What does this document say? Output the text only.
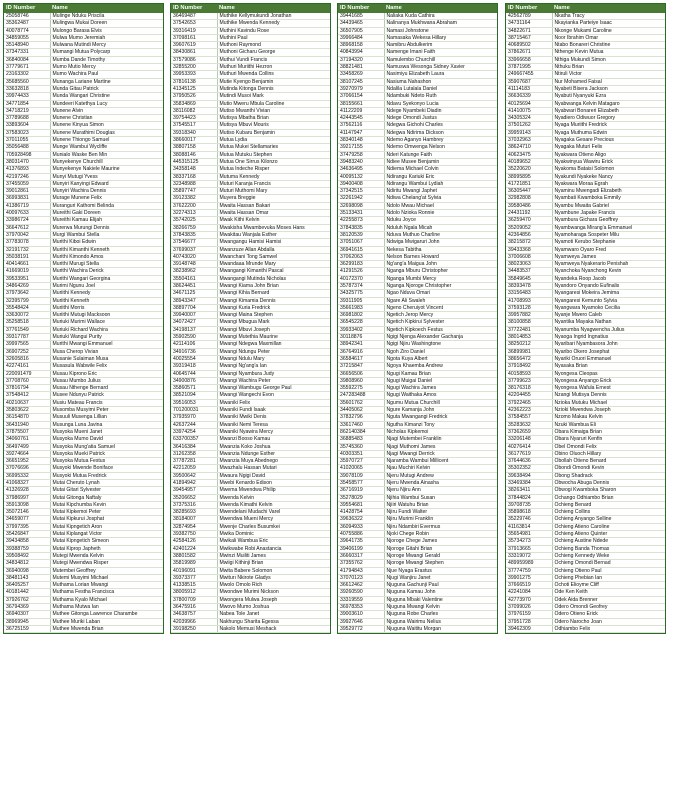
ID Number	Name
25058746	Mulinge Nduku Priscila
35362487	Mulingwa Mukai Doreen
40078774	Mulongo Barasa Elvis
34859055	Mulwa Mumo Jeremiah
35148940	Mulwana Mutindi Mercy
37347331	Mumangi Mutua Polycarp
36840084	Mumba Dande Timothy
37779671	Mumo Mutio Mercy
23163302	Mumo Wachira Paul
35685560	Munanga Lariane Martine
33632818	Munda Gitau Patrick
39974433	Munda Wangari Christine
34771854	Mundeeri Katethya Lucy
34718219	Munene Alvin
37789688	Munene Christian
33893604	Munene Kinyua Simon
37583023	Munene Murathimi Douglas
37011055	Munene Thiongo Samuel
35056488	Munge Wambui Wycliffe
705928498	Munialo Waske Ben Min
38031470	Munyekenye Churchill
41376893	Munyekenye Nakiele Maurine
42197246	Munyi Mutugi Yvess
37455059	Munyiri Kanyingi Edward
39012861	Munyiri Wachira Dennis
36993831	Murage Munene Felix
41386719	Muranguri Kathomi Belinda
40097633	Mureithi Gaki Doreen
33986724	Mureithi Kamau Elijah
36647612	Murerwa Murungi Dennis
37970042	Murgi Wambui Stella
37783078	Murithi Kiboi Edwin
32191732	Murithi Kimanthi Kenneth
35038191	Murithi Kimondo Amos
40414661	Murithi Murugi Stella
41669019	Murithi Wachira Derick
39533951	Murithi Wangari Georgina
34864269	Murimi Ngunu Joel
37973642	Muriithi Kennedy
32395799	Muriithi Kenneth
35548424	Muriithi Morris
33630072	Muriithi Mutugi Macksoon
35258518	Muriuki Murimi Wallace
37761549	Muriuki Richard Wachira
39317787	Muriuki Wangui Purity
39997565	Murithi Mwangi Emmanuel
36907252	Musa Cherop Vivian
32605816	Musanie Sulaiman Musa
42274161	Musasula Wabwile Felix
220091479	Musau Kiprono Eric
37708760	Musau Mumbo Julius
37816794	Musau Nthenge Bernard
37548412	Musee Ndunyu Patrick
40210637	Musiu Mateau Francis
35803622	Musomba Musyimi Peter
36154870	Musuuli Musenga Lillian
36431940	Musunga Luna Javina
37875507	Musyoka Mueni Janet
34060761	Musyoka Mumo David
36497499	Musyoka Mung'atia Samuel
39274664	Musyoka Mueki Patrick
36651952	Musyoka Mutua Festus
37076696	Musyoki Mwende Boniface
36995332	Musyoki Mutua Fredrick
41068327	Mutai Cheruto Lynah
41326928	Mutai Gitari Sylvester
37986997	Mutai Gitonga Naftaly
35913098	Mutai Kipchumba Kevin
35072146	Mutai Kipkemoi Peter
34659077	Mutai Kipkurui Josphat
37997395	Mutai Kipngetich Aron
35426847	Mutai Kiplangat Victor
39434858	Mutai Kipngetich Simeon
39388759	Mutai Kiprop Japheth
39508492	Mutegi Mwenda Kelvin
34834812	Mutegi Mwendwa Risper
36940098	Mutembei Geoffrey
38481143	Mutemi Musyimi Michael
36405257	Muthama Lorian Mwangi
40181442	Muthama Festha Francisca
37926762	Muthama Kyalo Michael
36794369	Muthama Mutwa Ian
36940307	Muthee Gitonga Lawrence Charambe
38969945	Muthee Muriki Laban
36725159	Muthee Mwenda Brian
ID Number	Name
36469487	Muthike Kellymukundi Jonathan
37542653	Muthike Mwenda Kennedy
39316419	Muthini Kavindu Rose
37098161	Muthini Paul
39607619	Muthoni Raymond
38430861	Muthoni Gicharu George
37579086	Muthui Vundi Francis
32855200	Muthuri Muriithi Hezron
39953393	Muthuri Mwenda Collins
37816138	Mutie Kyengo Benjamin
41345125	Mutinda Kitonga Dennis
37950526	Mutindi Musoi Mark
35834869	Mutio Mweru Mbula Caroline
38116082	Mutiso Mwanthi Vivian
39754423	Mutisya Mbatha Brian
37545517	Mutisya Mbuvi Mouris
39318340	Mutiso Kubaru Benjamin
38660017	Mutua Lydia
38807158	Mutua Mukei Stellamaries
38088146	Mutua Mutuku Stephen
445315125	Mutua One Sirrus Kilonzo
34358148	Mutua Indeche Risper
38337168	Mutuma Kennedy
32348988	Muturi Karanja Francis
35897747	Muturi Muthomi Mary
39123382	Muyera Breggie
37622200	Mwaita Hassan Bakari
32274313	Mwaita Hassan Omar
35742025	Mwak Kithi Kelvin
38266759	Mwakisha Mwambevuka Moses Hans
37843835	Mwakitau Wanjala Esther
37546677	Mwangangu Hamisi Hamisi
37699037	Mwanzuze Allan Abdalla
40743020	Mwanchani Tong Samwel
39148748	Mwandaaa Mrunde Mary
38238962	Mwangangi Kimanthi Pascal
35504161	Mwangangi Mutinda Nicholas
38624451	Mwangi Kiama John Brian
34671125	Mwangi Kihia Bernard
38943347	Mwangi Kimamia Dennis
38897704	Mwangi Kuria Fredrick
39940007	Mwangi Maina Stephen
34072427	Mwangi Mbugua Mark
34198137	Mwangi Mbuvi Joseph
35902590	Mwangi Mutethia Maurine
42114106	Mwangi Ndegwa Maxmillan
34916736	Mwangi Ndungu Peter
40025554	Mwangi Ndulu Mary
39319418	Mwangi Ng'ang'a Ian
40645744	Mwangi Nyambura Judy
34900876	Mwangi Wachira Peter
35860571	Mwangi Wambugu George Paul
38521094	Mwangi Wangechi Evon
39516053	Mwaniki Felix
701200031	Mwaniki Fundi Isaak
37935970	Mwaniki Mwiki Denis
42637244	Mwaniki Nemi Teresa
33974254	Mwaniki Nyawira Mercy
633700357	Mwanzi Booso Kamau
36416384	Mwanzia Koko Joshua
31262358	Mwanzia Ndunge Esther
37787281	Mwanzia Muya Abednego
42212059	Mwazhalu Hassan Mutari
39500642	Mwaura Ngigi David
41894942	Mwebi Kenardo Edison
39454957	Mwema Mwendwa Philip
35206652	Mwenda Kelvin
37375316	Mwenda Kimathi Kelvin
38285693	Mwendelani Mudachi Varel
38184007	Mwendwa Mueni Mercy
32874954	Mwenje Charles Busumkei
39382750	Mwika Dominic
42584126	Mwikali Wambua Eric
42401224	Mwikwabe Robi Anastancia
38801582	Mwinzi Muiliti James
35819989	Mwiigi Kithinji Brian
40196091	Mwita Babere Solomon
39373377	Mwiturı Nkirote Gladys
41338515	Mwolo Omolo Rich
38005912	Mwondwe Murimi Nickson
37800709	Mwongera Mulwa Joseph
36475916	Mwovo Mumo Joshua
34638757	Nabea Tole Janet
42039966	Nakhungu Sharita Egessa
39198250	Nakolo Memusi Meshack
ID Number	Name
39441685	Naliaka Kuda Cathira
34439465	Nalinanya Mukhwana Abraham
36507905	Namasi Johnstone
39966484	Namasaka Wekesa Hillary
38968158	Namibru Abdulkerim
40843994	Namenge Imani Faith
37194320	Namulembo Churchill
38821481	Namuswa Wesonga Sidney Xavier
33458269	Nasimiyu Elizabeth Laura
38107245	Nasiuma Nahashon
39270979	Ndalila Lutalala Daniel
37066154	Ndambuki Ndeto Ruth
38155661	Ndavu Syekonyo Lucia
41122209	Ndege Nyambeki Diadin
42443545	Ndege Omondi Justus
37562116	Ndegwa Gichohi Charles
41147947	Ndegwa Ndirima Dickson
38340148	Ndemo Aganyo Hambrey
39217155	Ndemo Omwenga Nelson
37479258	Nderi Katunge Faith
39483240	Ndiee Musee Benjamin
34636495	Ndiema Michael Colvin
40095132	Ndirangu Kariuki Eric
39400408	Ndirangu Wambui Lydiah
37342515	Ndiritu Mwangi Japhet
32261942	Ndiwa Chelang'at Sylvia
32698098	Ndolo Mwau Michael
35133431	Ndolo Nzioka Ronnie
42255873	Nduku Joyce
37843835	Nduluh Ngala Micah
38120539	Nduva Muthuo Charline
37051067	Ndwiga Mwigaruri John
36941615	Nekesa Tabitha
37062063	Nelson Barnes Howard
36299183	Ng'ang'a Maigua John
41291526	Nganga Mburu Christopher
40172370	Nganga Mumbi Mercy
35787374	Nganga Njoroge Christopher
34325775	Ngao Nduva Omari
39311905	Ngare Ali Swaleh
35661983	Ngeno Cheruiyot Vincent
36981802	Ngetich Jerop Mercy
36545228	Ngetich Kipkirui Sylvester
39933402	Ngetich Kipkoech Festus
30118876	Ngigi Njenga Alexander Gachanja
38942341	Ngigi Njiru Washingtone
36764916	Ngoh Ziro Daniel
36584617	Ngota Kuya Albert
37215847	Ngoya Khaemba Andrew
36656506	Ngugi Kamau Brian
39808960	Ngugi Muigai Daniel
35592275	Ngugi Wachira James
247283488	Ngugi Waithaka Amos
35601762	Ngumu Mutua Churchill
34405062	Ngure Kamanja John
37832796	Nguta Mwangangi Fredrick
33617460	Ngutha Kimanzi Tony
862140384	Nicholas Kipkemoi
36885483	Njagi Mutembei Franklin
35745360	Njagi Muthomi James
40303351	Njagi Mwangi Derrick
35970727	Njaramba Wambui Millicent
41020065	Njau Muchiri Kelvin
39078109	Njeru Mutugi Andrew
35458577	Njeru Mwenda Ainasha
36716919	Njeru Njiru Ann
35278029	Njihia Wambui Susan
39554681	Njiiri Watuhu Brian
41428754	Njiru Fundi Walter
39636322	Njiru Murimi Franklin
36094933	Njiru Ndambiri Evermus
40755886	Njoki Chege Robin
39641735	Njoroge Chege James
39406199	Njoroge Gitahi Brian
36660317	Njoroge Mwangi Gerald
37355762	Njoroge Mwangi Stephen
41794843	Njue Nyaga Erastus
37070123	Njugi Wanjiru Janet
36612462	Njuguna Gachunji Paul
39260590	Njuguna Kamau John
33319559	Njuguna Mbaki Valentine
36978353	Njuguna Mwangi Kelvin
39003610	Njuguna Robe Charles
39927646	Njuguna Wairimu Nelius
39529772	Njuguna Waititu Morgan
ID Number	Name
42562789	Nkatha Tracy
34731164	Nkayianka Parteiye Isaac
34822671	Nkonge Mukami Caroline
38715467	Noor Ibrahim Omar
40689502	Ntabo Bonareri Christine
37862671	Nthenge Kevin Mutua
33966658	Nthiga Mukundi Simon
37871995	Nthuku Brian
249667455	Ntiruli Victor
35907687	Nur Mohamed Faisal
41114183	Nyabeti Bisera Jackson
36636339	Nyabuti Nyanyuki Ezra
40125694	Nyabwanga Kelvin Matagaro
41410075	Nyabwari Bonareri Elizabeth
34305324	Nyadiero Odiwuor Gregory
37501262	Nyaga Muriithi Fredrick
39959143	Nyaga Muthuma Edwin
37032963	Nyagaka Gesare Precious
38624710	Nyagaka Muturi Felix
40623475	Nyakwara Otieno Aligo
40189652	Nyakwinyua Wawiru Erick
35220620	Nyakoma Bataisi Solomon
38995895	Nyakundi Nyakeke Nancy
41721851	Nyakwara Moraa Egrah
36305447	Nyaminu Mwengadi Elizabeth
32982808	Nyambati Kwamboka Emmily
39580486	Nyambu Mwaita Gabriel
24431192	Nyambune Japake Francis
36259470	Nyambura Gichara Geoffrey
35209052	Nyambwanga Mirang'a Emmanuel
42364856	Nyamoharaga Sospeter Milu
38215872	Nyamoti Kerubo Stephanie
39433368	Nyamwaro Oyaro Fred
37006608	Nyamweya James
38023063	Nyamweya Nyakerario Penishah
34483537	Nyanchoka Nyanchong Kevin
35849645	Nyandeka Roop Jacob
38393478	Nyandoro Onyando Eufinalis
33156483	Nyangaresi Mokeira Jemima
41708993	Nyangaresi Kemunto Sylvia
37593128	Nyangwara Nyamoko Cecilia
39957882	Nyanje Mwero Caleb
38100858	Nyantika Mayaka Nathan
37722481	Nyanumba Nyagwencha Julius
38014853	Nyaoga Ingrid Ingnatius
38250212	Nyaribari Nyambasora John
36899981	Nyaribo Okero Josephat
38656472	Nyariki Oruori Emmanuel
37918492	Nyasaka Brian
40158593	Nyongesa Cleopas
37799623	Nyongesa Anyango Erick
38176318	Nyongesa Wafula Ernest
42204455	Nzangi Mutisya Dennis
37922465	Nzioka Mutuku Michael
42362223	Nzioki Mwendwa Joseph
37584557	Nzomo Makau Kelvin
35283632	Nzuki Wambua Eli
37362659	Obara Kimaiga Brian
33206148	Obara Nyaruri Kenfin
40276414	Obel Omondi Felix
36177619	Obino Oluoch Hillary
37644636	Obollah Otieno Benard
35302352	Obondi Omondi Kevin
39638494	Obong Shadrack
33469384	Obwocha Abuga Dennis
38263411	Obwogi Kwamboka Sharon
37844824	Ochango Odhiambo Brian
39708735	Ochieng Benard
35898618	Ochieng Collins
35229746	Ochieng Anyango Selline
41163814	Ochieng Atieno Caroline
35654981	Ochieng Atieno Quinter
35734273	Ochieng Austine Ndede
37913665	Ochieng Banda Thomas
33319072	Ochieng Kennedy Weke
489959989	Ochieng Omondi Bernad
37774759	Ochieng Otieno Paul
39901275	Ochieng Phebian Ian
37666519	Ochoti Elioyme Cliff
42241084	Ode Ken Keith
42773970	Odek Aida Brenner
37099026	Odero Omondi Geofrey
37976159	Odero Otieno Erick
37951728	Odero Narocho Joan
39462309	Odhiambo Felix
